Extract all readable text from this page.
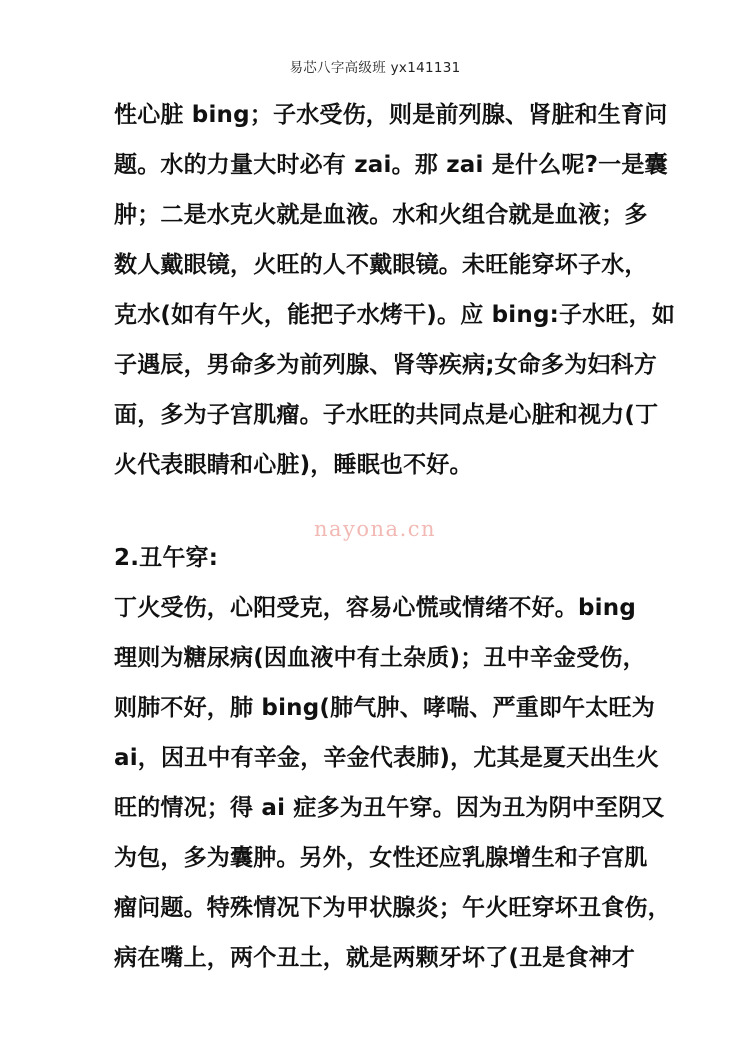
易芯八字高级班 yx141131
性心脏 bing；子水受伤，则是前列腺、肾脏和生育问
题。水的力量大时必有 zai。那 zai 是什么呢?一是囊
肿；二是水克火就是血液。水和火组合就是血液；多
数人戴眼镜，火旺的人不戴眼镜。未旺能穿坏子水，
克水(如有午火，能把子水烤干)。应 bing:子水旺，如
子遇辰，男命多为前列腺、肾等疾病;女命多为妇科方
面，多为子宫肌瘤。子水旺的共同点是心脏和视力(丁
火代表眼睛和心脏)，睡眠也不好。
2.丑午穿:
丁火受伤，心阳受克，容易心慌或情绪不好。bing
理则为糖尿病(因血液中有土杂质)；丑中辛金受伤，
则肺不好，肺 bing(肺气肿、哮喘、严重即午太旺为
ai，因丑中有辛金，辛金代表肺)，尤其是夏天出生火
旺的情况；得 ai 症多为丑午穿。因为丑为阴中至阴又
为包，多为囊肿。另外，女性还应乳腺增生和子宫肌
瘤问题。特殊情况下为甲状腺炎；午火旺穿坏丑食伤，
病在嘴上，两个丑土，就是两颗牙坏了(丑是食神才
nayona.cn
